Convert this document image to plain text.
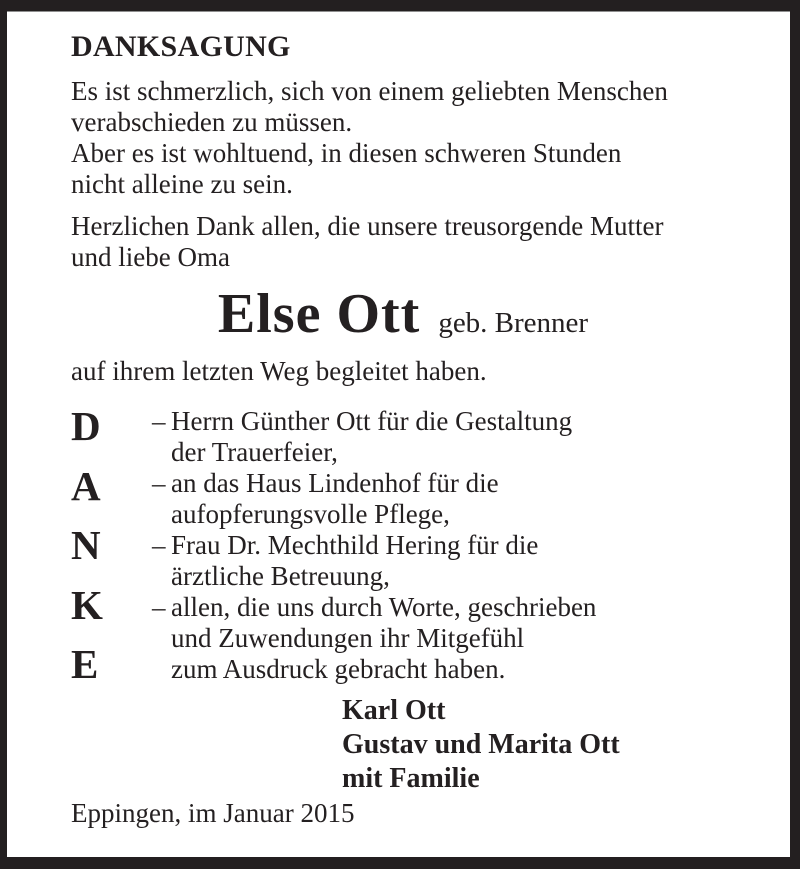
DANKSAGUNG
Es ist schmerzlich, sich von einem geliebten Menschen
verabschieden zu müssen.
Aber es ist wohltuend, in diesen schweren Stunden
nicht alleine zu sein.
Herzlichen Dank allen, die unsere treusorgende Mutter
und liebe Oma
Else Ott geb. Brenner
auf ihrem letzten Weg begleitet haben.
D
A
N
K
E
– Herrn Günther Ott für die Gestaltung
der Trauerfeier,
– an das Haus Lindenhof für die
aufopferungsvolle Pflege,
– Frau Dr. Mechthild Hering für die
ärztliche Betreuung,
– allen, die uns durch Worte, geschrieben
und Zuwendungen ihr Mitgefühl
zum Ausdruck gebracht haben.
Karl Ott
Gustav und Marita Ott
mit Familie
Eppingen, im Januar 2015
